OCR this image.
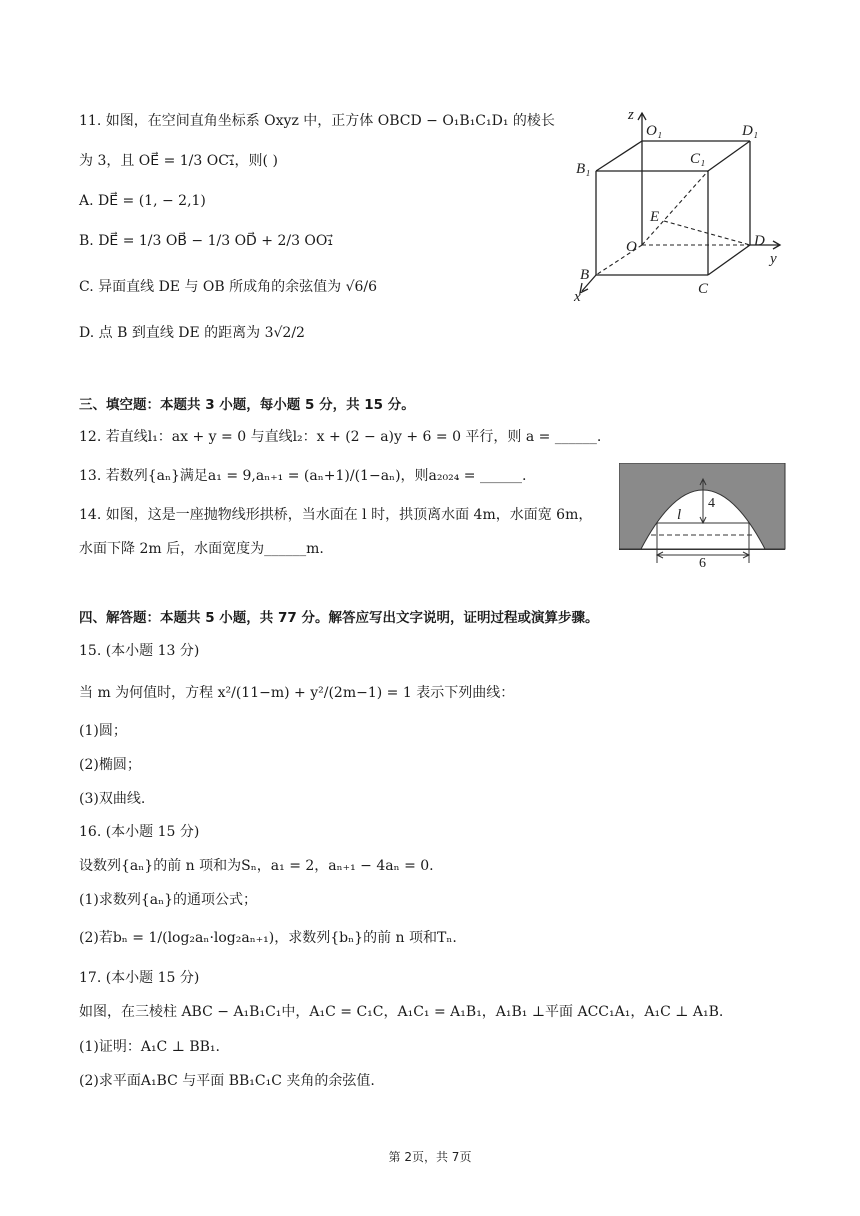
11. 如图，在空间直角坐标系 Oxyz 中，正方体 OBCD − O₁B₁C₁D₁ 的棱长
为 3，且 OE⃗ = 1/3 OC₁⃗，则( )
A. DE⃗ = (1, − 2,1)
B. DE⃗ = 1/3 OB⃗ − 1/3 OD⃗ + 2/3 OO₁⃗
C. 异面直线 DE 与 OB 所成角的余弦值为 √6/6
D. 点 B 到直线 DE 的距离为 3√2/2
z
O₁	D₁
B₁
C₁
E
O	D
y
B
C
x
三、填空题：本题共 3 小题，每小题 5 分，共 15 分。
12. 若直线l₁：ax + y = 0 与直线l₂：x + (2 − a)y + 6 = 0 平行，则 a = ______.
13. 若数列{aₙ}满足a₁ = 9,aₙ₊₁ = (aₙ+1)/(1−aₙ)，则a₂₀₂₄ = ______.
14. 如图，这是一座抛物线形拱桥，当水面在 l 时，拱顶离水面 4m，水面宽 6m，
水面下降 2m 后，水面宽度为______m.
4
l
6
四、解答题：本题共 5 小题，共 77 分。解答应写出文字说明，证明过程或演算步骤。
15. (本小题 13 分)
当 m 为何值时，方程 x²/(11−m) + y²/(2m−1) = 1 表示下列曲线：
(1)圆；
(2)椭圆；
(3)双曲线.
16. (本小题 15 分)
设数列{aₙ}的前 n 项和为Sₙ，a₁ = 2，aₙ₊₁ − 4aₙ = 0.
(1)求数列{aₙ}的通项公式；
(2)若bₙ = 1/(log₂aₙ·log₂aₙ₊₁)，求数列{bₙ}的前 n 项和Tₙ.
17. (本小题 15 分)
如图，在三棱柱 ABC − A₁B₁C₁中，A₁C = C₁C，A₁C₁ = A₁B₁，A₁B₁ ⊥平面 ACC₁A₁，A₁C ⊥ A₁B.
(1)证明：A₁C ⊥ BB₁.
(2)求平面A₁BC 与平面 BB₁C₁C 夹角的余弦值.
第 2页，共 7页
